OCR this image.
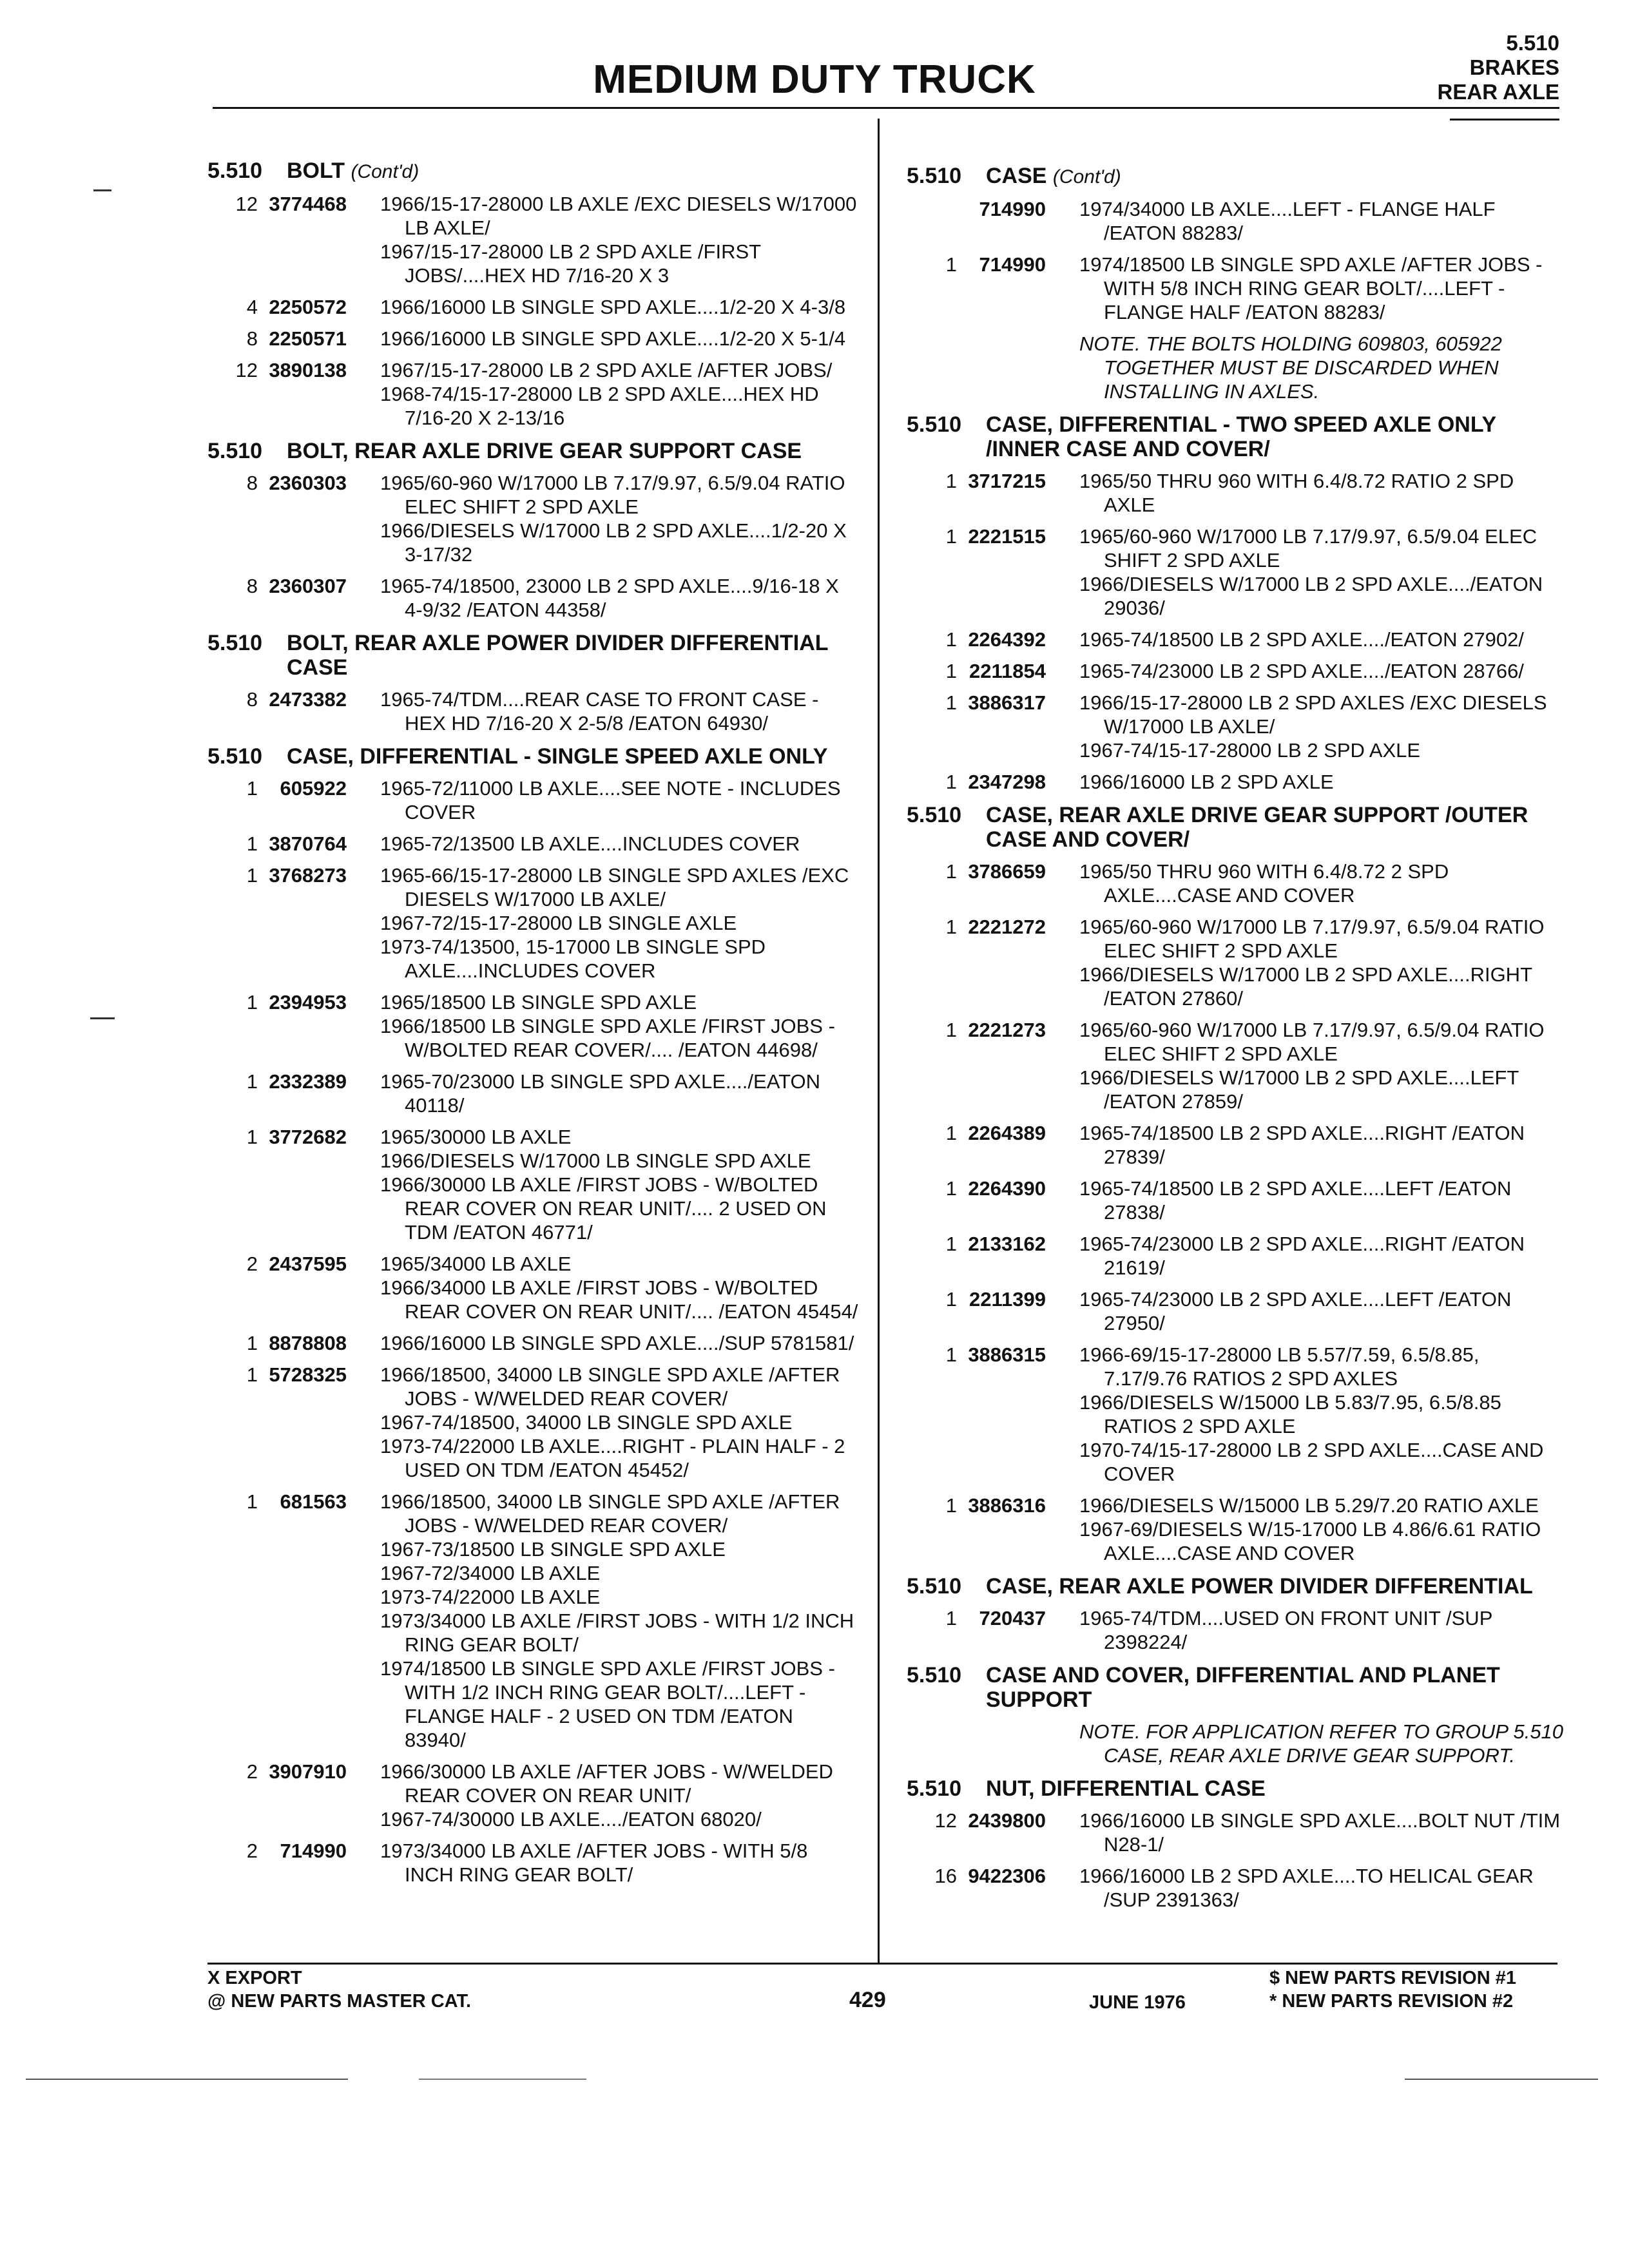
MEDIUM DUTY TRUCK
5.510
BRAKES
REAR AXLE
5.510	BOLT (Cont'd)
12 3774468	1966/15-17-28000 LB AXLE /EXC DIESELS W/17000 LB AXLE/
1967/15-17-28000 LB 2 SPD AXLE /FIRST JOBS/....HEX HD 7/16-20 X 3
4 2250572	1966/16000 LB SINGLE SPD AXLE....1/2-20 X 4-3/8
8 2250571	1966/16000 LB SINGLE SPD AXLE....1/2-20 X 5-1/4
12 3890138	1967/15-17-28000 LB 2 SPD AXLE /AFTER JOBS/
1968-74/15-17-28000 LB 2 SPD AXLE....HEX HD 7/16-20 X 2-13/16
5.510	BOLT, REAR AXLE DRIVE GEAR SUPPORT CASE
8 2360303	1965/60-960 W/17000 LB 7.17/9.97, 6.5/9.04 RATIO ELEC SHIFT 2 SPD AXLE
1966/DIESELS W/17000 LB 2 SPD AXLE....1/2-20 X 3-17/32
8 2360307	1965-74/18500, 23000 LB 2 SPD AXLE....9/16-18 X 4-9/32 /EATON 44358/
5.510	BOLT, REAR AXLE POWER DIVIDER DIFFERENTIAL CASE
8 2473382	1965-74/TDM....REAR CASE TO FRONT CASE - HEX HD 7/16-20 X 2-5/8 /EATON 64930/
5.510	CASE, DIFFERENTIAL - SINGLE SPEED AXLE ONLY
1	605922	1965-72/11000 LB AXLE....SEE NOTE - INCLUDES COVER
1 3870764	1965-72/13500 LB AXLE....INCLUDES COVER
1 3768273	1965-66/15-17-28000 LB SINGLE SPD AXLES /EXC DIESELS W/17000 LB AXLE/
1967-72/15-17-28000 LB SINGLE AXLE
1973-74/13500, 15-17000 LB SINGLE SPD AXLE....INCLUDES COVER
1 2394953	1965/18500 LB SINGLE SPD AXLE
1966/18500 LB SINGLE SPD AXLE /FIRST JOBS - W/BOLTED REAR COVER/.... /EATON 44698/
1 2332389	1965-70/23000 LB SINGLE SPD AXLE..../EATON 40118/
1 3772682	1965/30000 LB AXLE
1966/DIESELS W/17000 LB SINGLE SPD AXLE
1966/30000 LB AXLE /FIRST JOBS - W/BOLTED REAR COVER ON REAR UNIT/.... 2 USED ON TDM /EATON 46771/
2 2437595	1965/34000 LB AXLE
1966/34000 LB AXLE /FIRST JOBS - W/BOLTED REAR COVER ON REAR UNIT/.... /EATON 45454/
1 8878808	1966/16000 LB SINGLE SPD AXLE..../SUP 5781581/
1 5728325	1966/18500, 34000 LB SINGLE SPD AXLE /AFTER JOBS - W/WELDED REAR COVER/
1967-74/18500, 34000 LB SINGLE SPD AXLE
1973-74/22000 LB AXLE....RIGHT - PLAIN HALF - 2 USED ON TDM /EATON 45452/
1	681563	1966/18500, 34000 LB SINGLE SPD AXLE /AFTER JOBS - W/WELDED REAR COVER/
1967-73/18500 LB SINGLE SPD AXLE
1967-72/34000 LB AXLE
1973-74/22000 LB AXLE
1973/34000 LB AXLE /FIRST JOBS - WITH 1/2 INCH RING GEAR BOLT/
1974/18500 LB SINGLE SPD AXLE /FIRST JOBS - WITH 1/2 INCH RING GEAR BOLT/....LEFT - FLANGE HALF - 2 USED ON TDM /EATON 83940/
2 3907910	1966/30000 LB AXLE /AFTER JOBS - W/WELDED REAR COVER ON REAR UNIT/
1967-74/30000 LB AXLE..../EATON 68020/
2	714990	1973/34000 LB AXLE /AFTER JOBS - WITH 5/8 INCH RING GEAR BOLT/
5.510	CASE (Cont'd)
714990	1974/34000 LB AXLE....LEFT - FLANGE HALF /EATON 88283/
1	714990	1974/18500 LB SINGLE SPD AXLE /AFTER JOBS - WITH 5/8 INCH RING GEAR BOLT/....LEFT - FLANGE HALF /EATON 88283/
NOTE. THE BOLTS HOLDING 609803, 605922 TOGETHER MUST BE DISCARDED WHEN INSTALLING IN AXLES.
5.510	CASE, DIFFERENTIAL - TWO SPEED AXLE ONLY /INNER CASE AND COVER/
1 3717215	1965/50 THRU 960 WITH 6.4/8.72 RATIO 2 SPD AXLE
1 2221515	1965/60-960 W/17000 LB 7.17/9.97, 6.5/9.04 ELEC SHIFT 2 SPD AXLE
1966/DIESELS W/17000 LB 2 SPD AXLE..../EATON 29036/
1 2264392	1965-74/18500 LB 2 SPD AXLE..../EATON 27902/
1 2211854	1965-74/23000 LB 2 SPD AXLE..../EATON 28766/
1 3886317	1966/15-17-28000 LB 2 SPD AXLES /EXC DIESELS W/17000 LB AXLE/
1967-74/15-17-28000 LB 2 SPD AXLE
1 2347298	1966/16000 LB 2 SPD AXLE
5.510	CASE, REAR AXLE DRIVE GEAR SUPPORT /OUTER CASE AND COVER/
1 3786659	1965/50 THRU 960 WITH 6.4/8.72 2 SPD AXLE....CASE AND COVER
1 2221272	1965/60-960 W/17000 LB 7.17/9.97, 6.5/9.04 RATIO ELEC SHIFT 2 SPD AXLE
1966/DIESELS W/17000 LB 2 SPD AXLE....RIGHT /EATON 27860/
1 2221273	1965/60-960 W/17000 LB 7.17/9.97, 6.5/9.04 RATIO ELEC SHIFT 2 SPD AXLE
1966/DIESELS W/17000 LB 2 SPD AXLE....LEFT /EATON 27859/
1 2264389	1965-74/18500 LB 2 SPD AXLE....RIGHT /EATON 27839/
1 2264390	1965-74/18500 LB 2 SPD AXLE....LEFT /EATON 27838/
1 2133162	1965-74/23000 LB 2 SPD AXLE....RIGHT /EATON 21619/
1 2211399	1965-74/23000 LB 2 SPD AXLE....LEFT /EATON 27950/
1 3886315	1966-69/15-17-28000 LB 5.57/7.59, 6.5/8.85, 7.17/9.76 RATIOS 2 SPD AXLES
1966/DIESELS W/15000 LB 5.83/7.95, 6.5/8.85 RATIOS 2 SPD AXLE
1970-74/15-17-28000 LB 2 SPD AXLE....CASE AND COVER
1 3886316	1966/DIESELS W/15000 LB 5.29/7.20 RATIO AXLE
1967-69/DIESELS W/15-17000 LB 4.86/6.61 RATIO AXLE....CASE AND COVER
5.510	CASE, REAR AXLE POWER DIVIDER DIFFERENTIAL
1	720437	1965-74/TDM....USED ON FRONT UNIT /SUP 2398224/
5.510	CASE AND COVER, DIFFERENTIAL AND PLANET SUPPORT
NOTE. FOR APPLICATION REFER TO GROUP 5.510 CASE, REAR AXLE DRIVE GEAR SUPPORT.
5.510	NUT, DIFFERENTIAL CASE
12 2439800	1966/16000 LB SINGLE SPD AXLE....BOLT NUT /TIM N28-1/
16 9422306	1966/16000 LB 2 SPD AXLE....TO HELICAL GEAR /SUP 2391363/
X EXPORT
@ NEW PARTS MASTER CAT.	429	JUNE 1976
$ NEW PARTS REVISION #1
* NEW PARTS REVISION #2
